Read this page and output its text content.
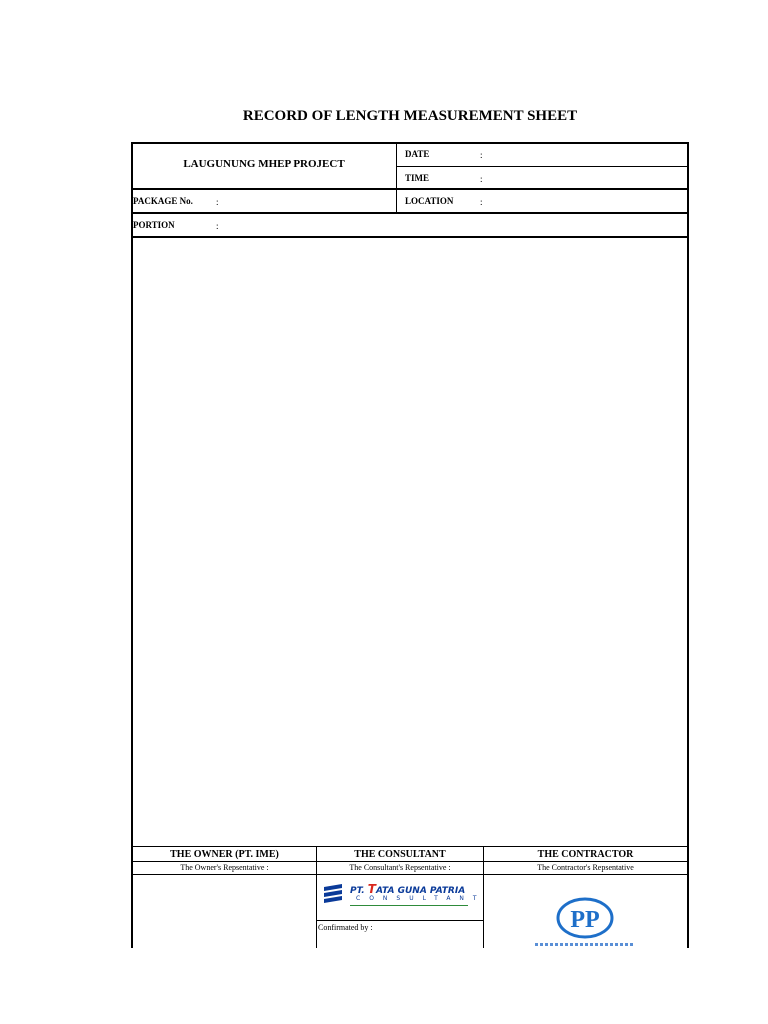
RECORD OF LENGTH MEASUREMENT SHEET
LAUGUNUNG MHEP PROJECT
DATE	:
TIME	:
PACKAGE No.	:	LOCATION	:
PORTION	:
THE OWNER (PT. IME)	THE CONSULTANT	THE CONTRACTOR
The Owner's Repsentative :	The Consultant's Repsentative :	The Contractor's Repsentative
Confirmated by :
PT. TATA GUNA PATRIA
CONSULTANT
PP
